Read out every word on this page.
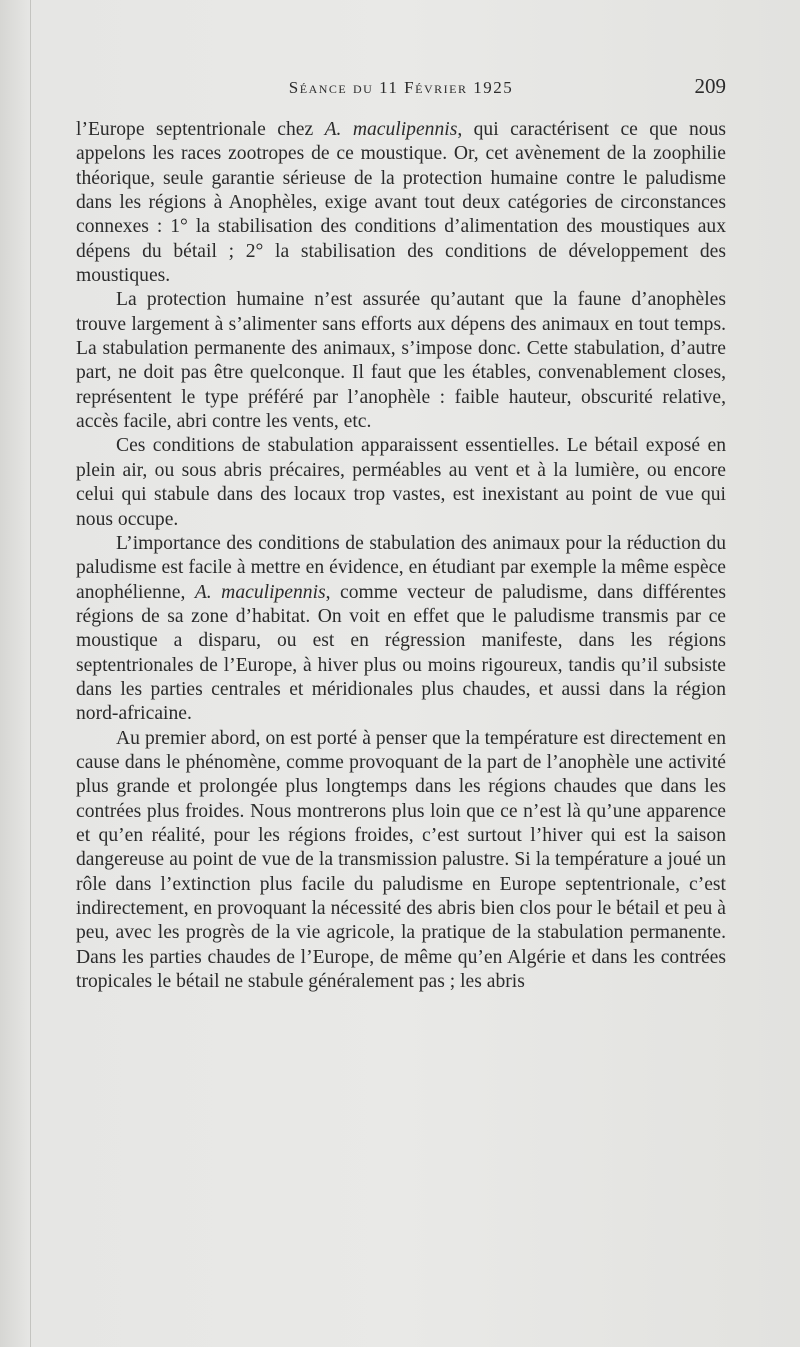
Séance du 11 Février 1925	209

l’Europe septentrionale chez A. maculipennis, qui caractérisent ce que nous appelons les races zootropes de ce moustique. Or, cet avènement de la zoophilie théorique, seule garantie sérieuse de la protection humaine contre le paludisme dans les régions à Anophèles, exige avant tout deux catégories de circonstances connexes : 1° la stabilisation des conditions d’alimentation des moustiques aux dépens du bétail ; 2° la stabilisation des conditions de développement des moustiques.

La protection humaine n’est assurée qu’autant que la faune d’anophèles trouve largement à s’alimenter sans efforts aux dépens des animaux en tout temps. La stabulation permanente des animaux, s’impose donc. Cette stabulation, d’autre part, ne doit pas être quelconque. Il faut que les étables, convenablement closes, représentent le type préféré par l’anophèle : faible hauteur, obscurité relative, accès facile, abri contre les vents, etc.

Ces conditions de stabulation apparaissent essentielles. Le bétail exposé en plein air, ou sous abris précaires, perméables au vent et à la lumière, ou encore celui qui stabule dans des locaux trop vastes, est inexistant au point de vue qui nous occupe.

L’importance des conditions de stabulation des animaux pour la réduction du paludisme est facile à mettre en évidence, en étudiant par exemple la même espèce anophélienne, A. maculipennis, comme vecteur de paludisme, dans différentes régions de sa zone d’habitat. On voit en effet que le paludisme transmis par ce moustique a disparu, ou est en régression manifeste, dans les régions septentrionales de l’Europe, à hiver plus ou moins rigoureux, tandis qu’il subsiste dans les parties centrales et méridionales plus chaudes, et aussi dans la région nord-africaine.

Au premier abord, on est porté à penser que la température est directement en cause dans le phénomène, comme provoquant de la part de l’anophèle une activité plus grande et prolongée plus longtemps dans les régions chaudes que dans les contrées plus froides. Nous montrerons plus loin que ce n’est là qu’une apparence et qu’en réalité, pour les régions froides, c’est surtout l’hiver qui est la saison dangereuse au point de vue de la transmission palustre. Si la température a joué un rôle dans l’extinction plus facile du paludisme en Europe septentrionale, c’est indirectement, en provoquant la nécessité des abris bien clos pour le bétail et peu à peu, avec les progrès de la vie agricole, la pratique de la stabulation permanente. Dans les parties chaudes de l’Europe, de même qu’en Algérie et dans les contrées tropicales le bétail ne stabule généralement pas ; les abris
